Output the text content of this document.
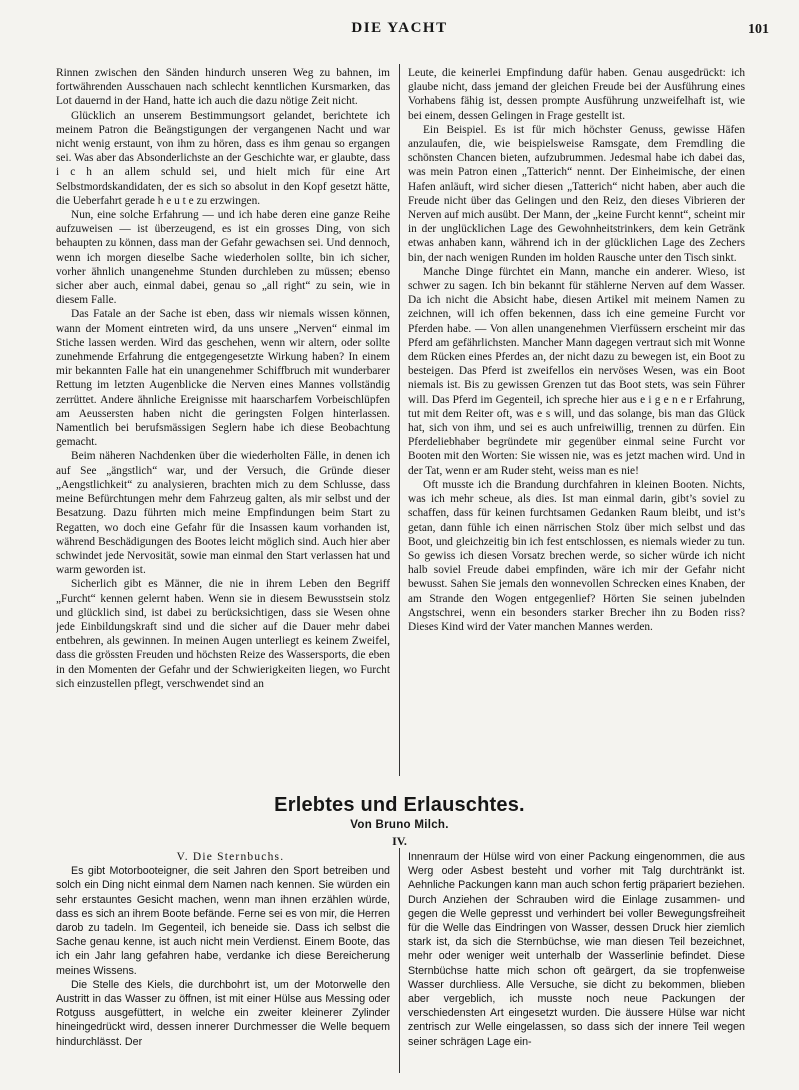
DIE YACHT	101

Rinnen zwischen den Sänden hindurch unseren Weg zu bahnen, im fortwährenden Ausschauen nach schlecht kenntlichen Kursmarken, das Lot dauernd in der Hand, hatte ich auch die dazu nötige Zeit nicht.

Glücklich an unserem Bestimmungsort gelandet, berichtete ich meinem Patron die Beängstigungen der vergangenen Nacht und war nicht wenig erstaunt, von ihm zu hören, dass es ihm genau so ergangen sei. Was aber das Absonderlichste an der Geschichte war, er glaubte, dass i c h an allem schuld sei, und hielt mich für eine Art Selbstmordskandidaten, der es sich so absolut in den Kopf gesetzt hätte, die Ueberfahrt gerade h e u t e zu erzwingen.

Nun, eine solche Erfahrung — und ich habe deren eine ganze Reihe aufzuweisen — ist überzeugend, es ist ein grosses Ding, von sich behaupten zu können, dass man der Gefahr gewachsen sei. Und dennoch, wenn ich morgen dieselbe Sache wiederholen sollte, bin ich sicher, vorher ähnlich unangenehme Stunden durchleben zu müssen; ebenso sicher aber auch, einmal dabei, genau so „all right“ zu sein, wie in diesem Falle.

Das Fatale an der Sache ist eben, dass wir niemals wissen können, wann der Moment eintreten wird, da uns unsere „Nerven“ einmal im Stiche lassen werden. Wird das geschehen, wenn wir altern, oder sollte zunehmende Erfahrung die entgegengesetzte Wirkung haben? In einem mir bekannten Falle hat ein unangenehmer Schiffbruch mit wunderbarer Rettung im letzten Augenblicke die Nerven eines Mannes vollständig zerrüttet. Andere ähnliche Ereignisse mit haarscharfem Vorbeischlüpfen am Aeussersten haben nicht die geringsten Folgen hinterlassen. Namentlich bei berufsmässigen Seglern habe ich diese Beobachtung gemacht.

Beim näheren Nachdenken über die wiederholten Fälle, in denen ich auf See „ängstlich“ war, und der Versuch, die Gründe dieser „Aengstlichkeit“ zu analysieren, brachten mich zu dem Schlusse, dass meine Befürchtungen mehr dem Fahrzeug galten, als mir selbst und der Besatzung. Dazu führten mich meine Empfindungen beim Start zu Regatten, wo doch eine Gefahr für die Insassen kaum vorhanden ist, während Beschädigungen des Bootes leicht möglich sind. Auch hier aber schwindet jede Nervosität, sowie man einmal den Start verlassen hat und warm geworden ist.

Sicherlich gibt es Männer, die nie in ihrem Leben den Begriff „Furcht“ kennen gelernt haben. Wenn sie in diesem Bewusstsein stolz und glücklich sind, ist dabei zu berücksichtigen, dass sie Wesen ohne jede Einbildungskraft sind und die sicher auf die Dauer mehr dabei entbehren, als gewinnen. In meinen Augen unterliegt es keinem Zweifel, dass die grössten Freuden und höchsten Reize des Wassersports, die eben in den Momenten der Gefahr und der Schwierigkeiten liegen, wo Furcht sich einzustellen pflegt, verschwendet sind an

Leute, die keinerlei Empfindung dafür haben. Genau ausgedrückt: ich glaube nicht, dass jemand der gleichen Freude bei der Ausführung eines Vorhabens fähig ist, dessen prompte Ausführung unzweifelhaft ist, wie bei einem, dessen Gelingen in Frage gestellt ist.

Ein Beispiel. Es ist für mich höchster Genuss, gewisse Häfen anzulaufen, die, wie beispielsweise Ramsgate, dem Fremdling die schönsten Chancen bieten, aufzubrummen. Jedesmal habe ich dabei das, was mein Patron einen „Tatterich“ nennt. Der Einheimische, der einen Hafen anläuft, wird sicher diesen „Tatterich“ nicht haben, aber auch die Freude nicht über das Gelingen und den Reiz, den dieses Vibrieren der Nerven auf mich ausübt. Der Mann, der „keine Furcht kennt“, scheint mir in der unglücklichen Lage des Gewohnheitstrinkers, dem kein Getränk etwas anhaben kann, während ich in der glücklichen Lage des Zechers bin, der nach wenigen Runden im holden Rausche unter den Tisch sinkt.

Manche Dinge fürchtet ein Mann, manche ein anderer. Wieso, ist schwer zu sagen. Ich bin bekannt für stählerne Nerven auf dem Wasser. Da ich nicht die Absicht habe, diesen Artikel mit meinem Namen zu zeichnen, will ich offen bekennen, dass ich eine gemeine Furcht vor Pferden habe. — Von allen unangenehmen Vierfüssern erscheint mir das Pferd am gefährlichsten. Mancher Mann dagegen vertraut sich mit Wonne dem Rücken eines Pferdes an, der nicht dazu zu bewegen ist, ein Boot zu besteigen. Das Pferd ist zweifellos ein nervöses Wesen, was ein Boot niemals ist. Bis zu gewissen Grenzen tut das Boot stets, was sein Führer will. Das Pferd im Gegenteil, ich spreche hier aus e i g e n e r Erfahrung, tut mit dem Reiter oft, was e s will, und das solange, bis man das Glück hat, sich von ihm, und sei es auch unfreiwillig, trennen zu dürfen. Ein Pferdeliebhaber begründete mir gegenüber einmal seine Furcht vor Booten mit den Worten: Sie wissen nie, was es jetzt machen wird. Und in der Tat, wenn er am Ruder steht, weiss man es nie!

Oft musste ich die Brandung durchfahren in kleinen Booten. Nichts, was ich mehr scheue, als dies. Ist man einmal darin, gibt’s soviel zu schaffen, dass für keinen furchtsamen Gedanken Raum bleibt, und ist’s getan, dann fühle ich einen närrischen Stolz über mich selbst und das Boot, und gleichzeitig bin ich fest entschlossen, es niemals wieder zu tun. So gewiss ich diesen Vorsatz brechen werde, so sicher würde ich nicht halb soviel Freude dabei empfinden, wäre ich mir der Gefahr nicht bewusst. Sahen Sie jemals den wonnevollen Schrecken eines Knaben, der am Strande den Wogen entgegenlief? Hörten Sie seinen jubelnden Angstschrei, wenn ein besonders starker Brecher ihn zu Boden riss? Dieses Kind wird der Vater manchen Mannes werden.

Erlebtes und Erlauschtes.
Von Bruno Milch.
IV.

V. Die Sternbuchs.

Es gibt Motorbooteigner, die seit Jahren den Sport betreiben und solch ein Ding nicht einmal dem Namen nach kennen. Sie würden ein sehr erstauntes Gesicht machen, wenn man ihnen erzählen würde, dass es sich an ihrem Boote befände. Ferne sei es von mir, die Herren darob zu tadeln. Im Gegenteil, ich beneide sie. Dass ich selbst die Sache genau kenne, ist auch nicht mein Verdienst. Einem Boote, das ich ein Jahr lang gefahren habe, verdanke ich diese Bereicherung meines Wissens.

Die Stelle des Kiels, die durchbohrt ist, um der Motorwelle den Austritt in das Wasser zu öffnen, ist mit einer Hülse aus Messing oder Rotguss ausgefüttert, in welche ein zweiter kleinerer Zylinder hineingedrückt wird, dessen innerer Durchmesser die Welle bequem hindurchlässt. Der

Innenraum der Hülse wird von einer Packung eingenommen, die aus Werg oder Asbest besteht und vorher mit Talg durchtränkt ist. Aehnliche Packungen kann man auch schon fertig präpariert beziehen. Durch Anziehen der Schrauben wird die Einlage zusammen- und gegen die Welle gepresst und verhindert bei voller Bewegungsfreiheit für die Welle das Eindringen von Wasser, dessen Druck hier ziemlich stark ist, da sich die Sternbüchse, wie man diesen Teil bezeichnet, mehr oder weniger weit unterhalb der Wasserlinie befindet. Diese Sternbüchse hatte mich schon oft geärgert, da sie tropfenweise Wasser durchliess. Alle Versuche, sie dicht zu bekommen, blieben aber vergeblich, ich musste noch neue Packungen der verschiedensten Art eingesetzt wurden. Die äussere Hülse war nicht zentrisch zur Welle eingelassen, so dass sich der innere Teil wegen seiner schrägen Lage ein-
